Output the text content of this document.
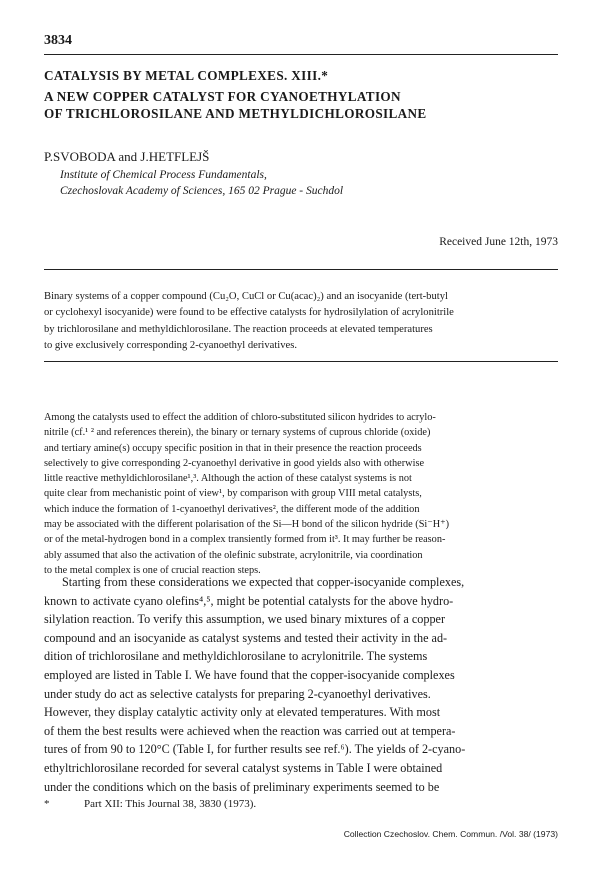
3834
CATALYSIS BY METAL COMPLEXES. XIII.*
A NEW COPPER CATALYST FOR CYANOETHYLATION
OF TRICHLOROSILANE AND METHYLDICHLOROSILANE
P.SVOBODA and J.HETFLEJŠ
Institute of Chemical Process Fundamentals,
Czechoslovak Academy of Sciences, 165 02 Prague - Suchdol
Received June 12th, 1973
Binary systems of a copper compound (Cu₂O, CuCl or Cu(acac)₂) and an isocyanide (tert-butyl
or cyclohexyl isocyanide) were found to be effective catalysts for hydrosilylation of acrylonitrile
by trichlorosilane and methyldichlorosilane. The reaction proceeds at elevated temperatures
to give exclusively corresponding 2-cyanoethyl derivatives.
Among the catalysts used to effect the addition of chloro-substituted silicon hydrides to acrylo-
nitrile (cf.¹ ² and references therein), the binary or ternary systems of cuprous chloride (oxide)
and tertiary amine(s) occupy specific position in that in their presence the reaction proceeds
selectively to give corresponding 2-cyanoethyl derivative in good yields also with otherwise
little reactive methyldichlorosilane¹,³. Although the action of these catalyst systems is not
quite clear from mechanistic point of view¹, by comparison with group VIII metal catalysts,
which induce the formation of 1-cyanoethyl derivatives², the different mode of the addition
may be associated with the different polarisation of the Si—H bond of the silicon hydride (Si⁻H⁺)
or of the metal-hydrogen bond in a complex transiently formed from it³. It may further be reason-
ably assumed that also the activation of the olefinic substrate, acrylonitrile, via coordination
to the metal complex is one of crucial reaction steps.
Starting from these considerations we expected that copper-isocyanide complexes,
known to activate cyano olefins⁴,⁵, might be potential catalysts for the above hydro-
silylation reaction. To verify this assumption, we used binary mixtures of a copper
compound and an isocyanide as catalyst systems and tested their activity in the ad-
dition of trichlorosilane and methyldichlorosilane to acrylonitrile. The systems
employed are listed in Table I. We have found that the copper-isocyanide complexes
under study do act as selective catalysts for preparing 2-cyanoethyl derivatives.
However, they display catalytic activity only at elevated temperatures. With most
of them the best results were achieved when the reaction was carried out at tempera-
tures of from 90 to 120°C (Table I, for further results see ref.⁶). The yields of 2-cyano-
ethyltrichlorosilane recorded for several catalyst systems in Table I were obtained
under the conditions which on the basis of preliminary experiments seemed to be
*	Part XII: This Journal 38, 3830 (1973).
Collection Czechoslov. Chem. Commun. /Vol. 38/ (1973)
